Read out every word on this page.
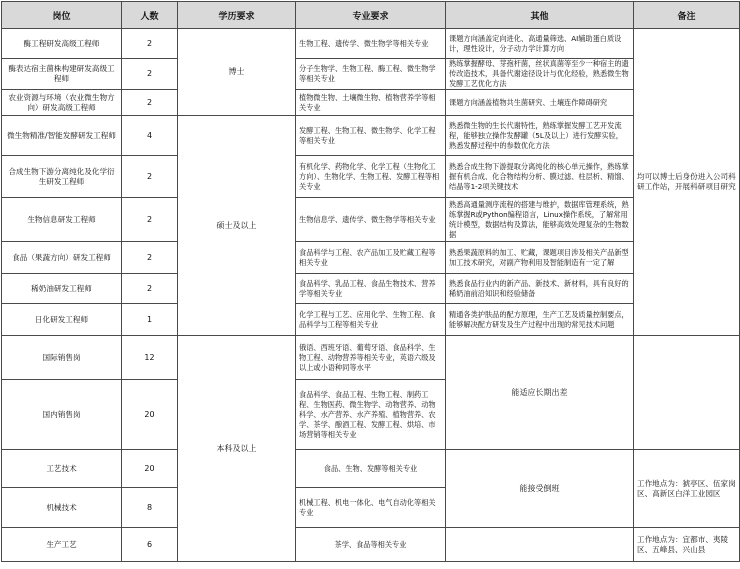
岗位	人数	学历要求	专业要求	其他	备注
酶工程研发高级工程师	2	博士	生物工程、遗传学、微生物学等相关专业	课题方向涵盖定向进化、高通量筛选、AI辅助蛋白质设计，理性设计，分子动力学计算方向	均可以博士后身份进入公司科研工作站，开展科研项目研究
酶表达宿主菌株构建研发高级工程师	2		分子生物学、生物工程、酶工程、微生物学等相关专业	熟练掌握酵母、芽孢杆菌，丝状真菌等至少一种宿主的遗传改造技术，具备代谢途径设计与优化经验，熟悉微生物发酵工艺优化方法	
农业资源与环境（农业微生物方向）研发高级工程师	2		植物微生物、土壤微生物、植物营养学等相关专业	课题方向涵盖植物共生菌研究、土壤连作障碍研究	
微生物精准/智能发酵研发工程师	4	硕士及以上	发酵工程、生物工程、微生物学、化学工程等相关专业	熟悉微生物的生长代谢特性，熟练掌握发酵工艺开发流程，能够独立操作发酵罐（5L及以上）进行发酵实验，熟悉发酵过程中的参数优化方法	
合成生物下游分离纯化及化学衍生研发工程师	2		有机化学、药物化学、化学工程（生物化工方向）、生物化学、生物工程、发酵工程等相关专业	熟悉合成生物下游提取分离纯化的核心单元操作，熟练掌握有机合成、化合物结构分析、膜过滤、柱层析、精馏、结晶等1-2项关键技术	
生物信息研发工程师	2		生物信息学、遗传学、微生物学等相关专业	熟悉高通量测序流程的搭建与维护，数据库管理系统，熟练掌握R或Python编程语言，Linux操作系统，了解常用统计模型，数据结构及算法，能够高效处理复杂的生物数据	
食品（果蔬方向）研发工程师	2		食品科学与工程、农产品加工及贮藏工程等相关专业	熟悉果蔬原料的加工、贮藏，课题项目涉及相关产品新型加工技术研究，对副产物利用及智能制造有一定了解	
稀奶油研发工程师	2		食品科学、乳品工程、食品生物技术、营养学等相关专业	熟悉食品行业内的新产品、新技术、新材料，具有良好的稀奶油前沿知识和经验储备	
日化研发工程师	1		化学工程与工艺、应用化学、生物工程、食品科学与工程等相关专业	精通各类护肤品的配方原理，生产工艺及质量控制要点，能够解决配方研发及生产过程中出现的常见技术问题	
国际销售岗	12	本科及以上	俄语、西班牙语、葡萄牙语、食品科学、生物工程、动物营养等相关专业，英语六级及以上或小语种同等水平	能适应长期出差	
国内销售岗	20		食品科学、食品工程、生物工程、制药工程、生物医药、微生物学、动物营养、动物科学、水产营养、水产养殖、植物营养、农学、茶学、酿酒工程、发酵工程、烘培、市场营销等相关专业		
工艺技术	20		食品、生物、发酵等相关专业	能接受倒班	工作地点为：猇亭区、伍家岗区、高新区白洋工业园区
机械技术	8		机械工程、机电一体化、电气自动化等相关专业		
生产工艺	6		茶学、食品等相关专业		工作地点为：宜都市、夷陵区、五峰县、兴山县
